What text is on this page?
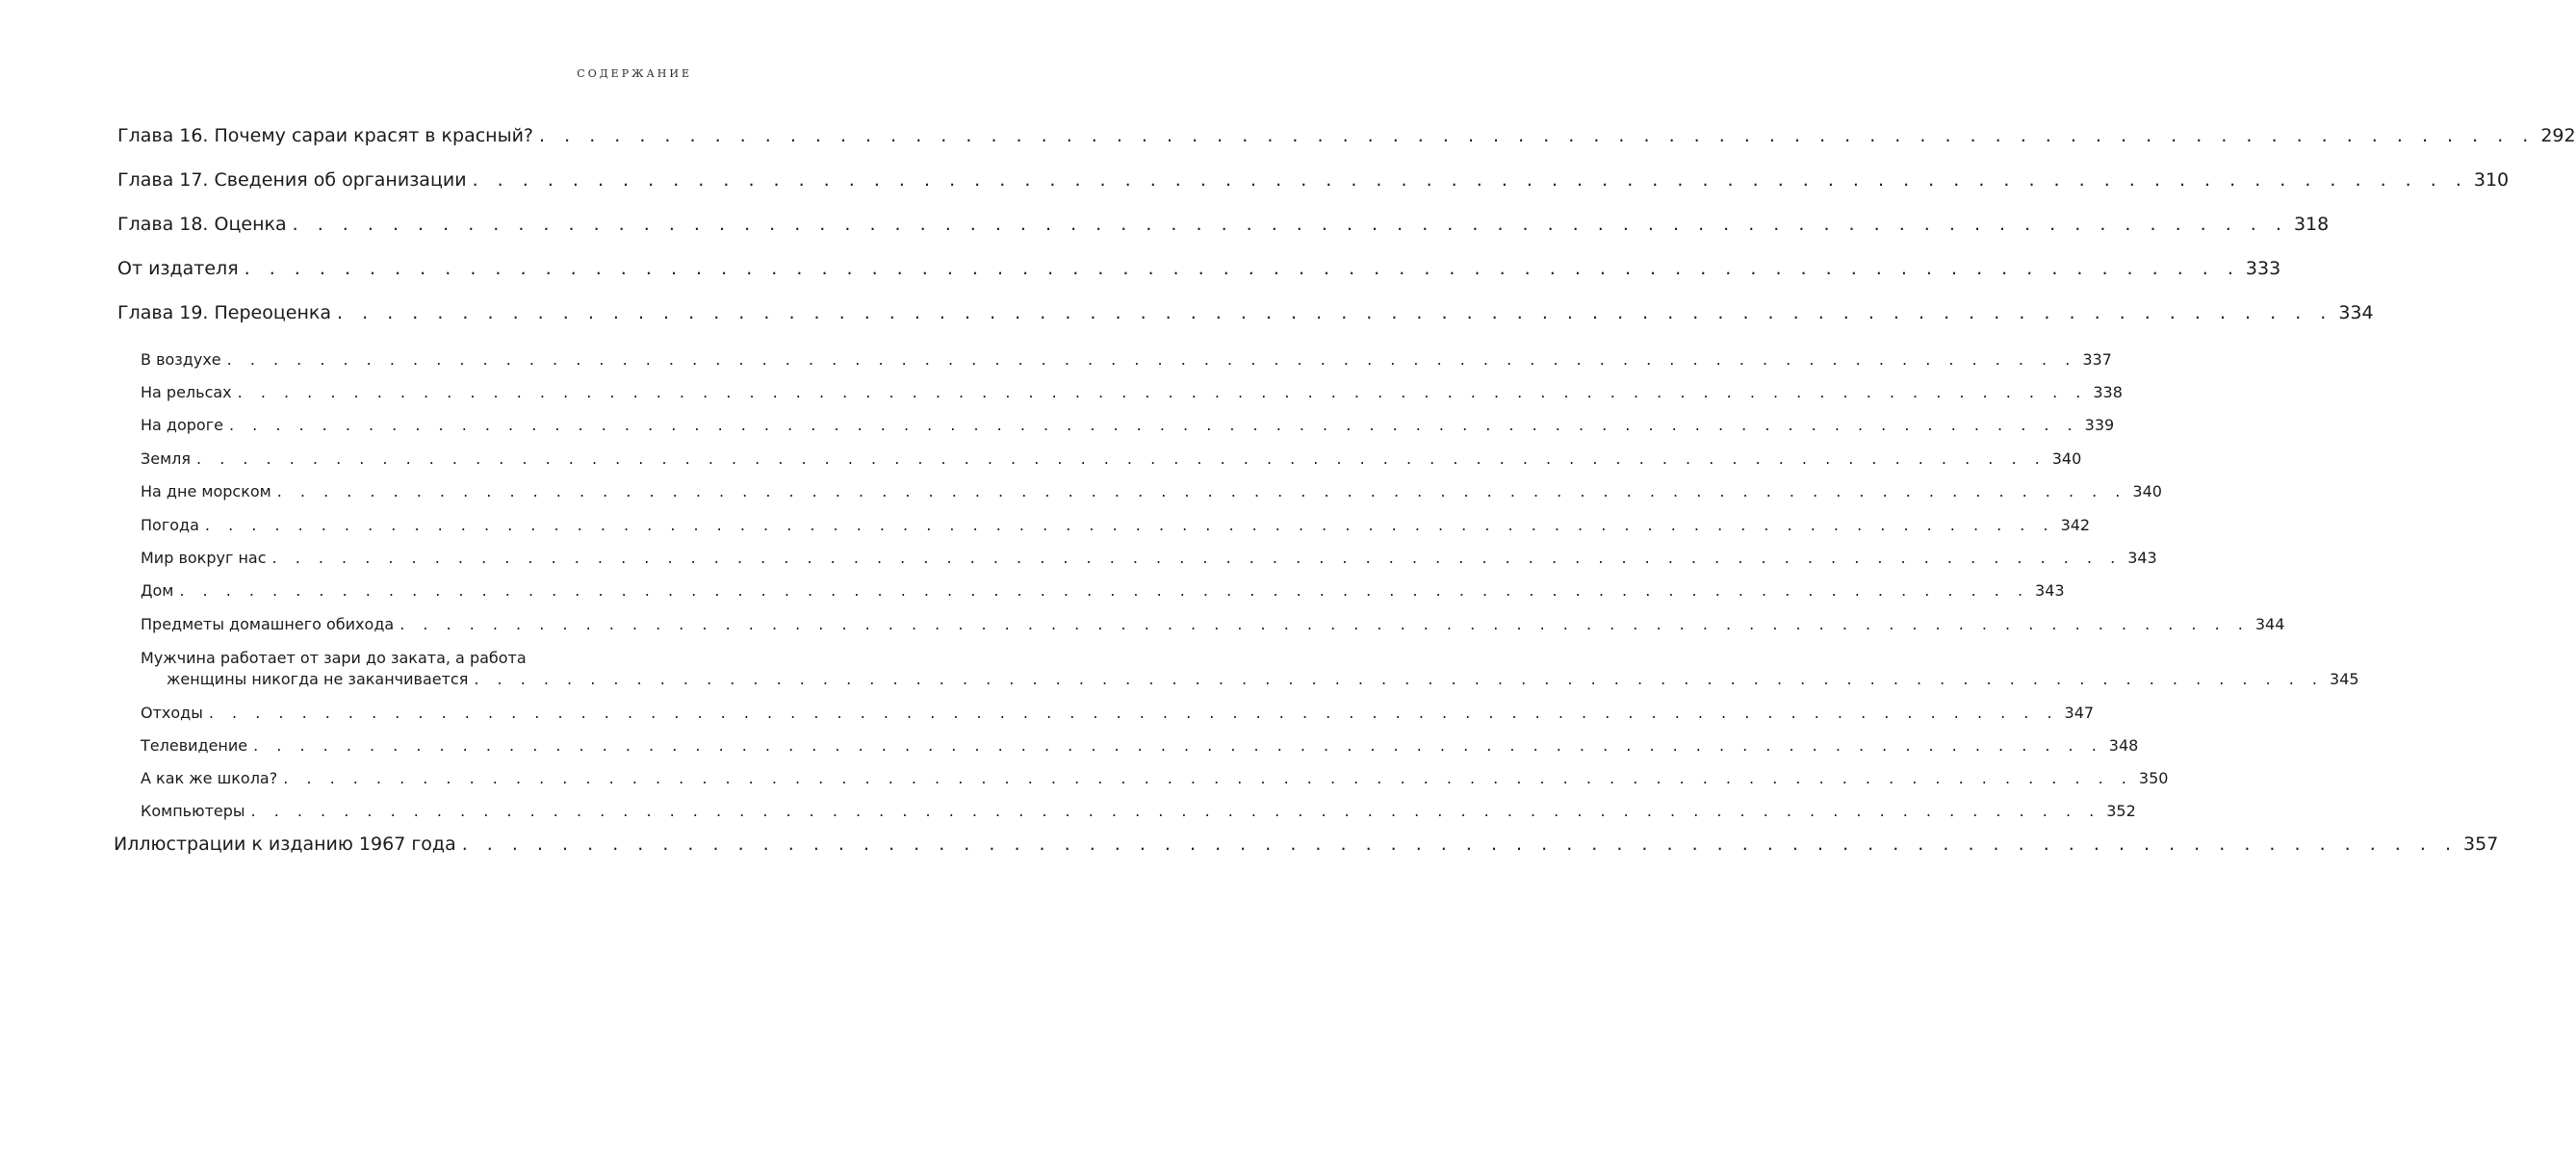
СОДЕРЖАНИЕ
Глава 16. Почему сараи красят в красный? . . . . . . . . . . . . . . . . . . . . . . . . . . . . . . . . . . . . . . . . . . . . . . . . . . . . . . . . . . . . . . . . . . . . . . . . . . . . . . . . 292
Глава 17. Сведения об организации . . . . . . . . . . . . . . . . . . . . . . . . . . . . . . . . . . . . . . . . . . . . . . . . . . . . . . . . . . . . . . . . . . . . . . . . . . . . . . . . 310
Глава 18. Оценка . . . . . . . . . . . . . . . . . . . . . . . . . . . . . . . . . . . . . . . . . . . . . . . . . . . . . . . . . . . . . . . . . . . . . . . . . . . . . . . . 318
От издателя . . . . . . . . . . . . . . . . . . . . . . . . . . . . . . . . . . . . . . . . . . . . . . . . . . . . . . . . . . . . . . . . . . . . . . . . . . . . . . . . 333
Глава 19. Переоценка . . . . . . . . . . . . . . . . . . . . . . . . . . . . . . . . . . . . . . . . . . . . . . . . . . . . . . . . . . . . . . . . . . . . . . . . . . . . . . . . 334
В воздухе . . . . . . . . . . . . . . . . . . . . . . . . . . . . . . . . . . . . . . . . . . . . . . . . . . . . . . . . . . . . . . . . . . . . . . . . . . . . . . . . 337
На рельсах . . . . . . . . . . . . . . . . . . . . . . . . . . . . . . . . . . . . . . . . . . . . . . . . . . . . . . . . . . . . . . . . . . . . . . . . . . . . . . . . 338
На дороге . . . . . . . . . . . . . . . . . . . . . . . . . . . . . . . . . . . . . . . . . . . . . . . . . . . . . . . . . . . . . . . . . . . . . . . . . . . . . . . . 339
Земля . . . . . . . . . . . . . . . . . . . . . . . . . . . . . . . . . . . . . . . . . . . . . . . . . . . . . . . . . . . . . . . . . . . . . . . . . . . . . . . . 340
На дне морском . . . . . . . . . . . . . . . . . . . . . . . . . . . . . . . . . . . . . . . . . . . . . . . . . . . . . . . . . . . . . . . . . . . . . . . . . . . . . . . . 340
Погода . . . . . . . . . . . . . . . . . . . . . . . . . . . . . . . . . . . . . . . . . . . . . . . . . . . . . . . . . . . . . . . . . . . . . . . . . . . . . . . . 342
Мир вокруг нас . . . . . . . . . . . . . . . . . . . . . . . . . . . . . . . . . . . . . . . . . . . . . . . . . . . . . . . . . . . . . . . . . . . . . . . . . . . . . . . . 343
Дом . . . . . . . . . . . . . . . . . . . . . . . . . . . . . . . . . . . . . . . . . . . . . . . . . . . . . . . . . . . . . . . . . . . . . . . . . . . . . . . . 343
Предметы домашнего обихода . . . . . . . . . . . . . . . . . . . . . . . . . . . . . . . . . . . . . . . . . . . . . . . . . . . . . . . . . . . . . . . . . . . . . . . . . . . . . . . . 344
Мужчина работает от зари до заката, а работа
женщины никогда не заканчивается . . . . . . . . . . . . . . . . . . . . . . . . . . . . . . . . . . . . . . . . . . . . . . . . . . . . . . . . . . . . . . . . . . . . . . . . . . . . . . . . 345
Отходы . . . . . . . . . . . . . . . . . . . . . . . . . . . . . . . . . . . . . . . . . . . . . . . . . . . . . . . . . . . . . . . . . . . . . . . . . . . . . . . . 347
Телевидение . . . . . . . . . . . . . . . . . . . . . . . . . . . . . . . . . . . . . . . . . . . . . . . . . . . . . . . . . . . . . . . . . . . . . . . . . . . . . . . . 348
А как же школа? . . . . . . . . . . . . . . . . . . . . . . . . . . . . . . . . . . . . . . . . . . . . . . . . . . . . . . . . . . . . . . . . . . . . . . . . . . . . . . . . 350
Компьютеры . . . . . . . . . . . . . . . . . . . . . . . . . . . . . . . . . . . . . . . . . . . . . . . . . . . . . . . . . . . . . . . . . . . . . . . . . . . . . . . . 352
Иллюстрации к изданию 1967 года . . . . . . . . . . . . . . . . . . . . . . . . . . . . . . . . . . . . . . . . . . . . . . . . . . . . . . . . . . . . . . . . . . . . . . . . . . . . . . . . 357
